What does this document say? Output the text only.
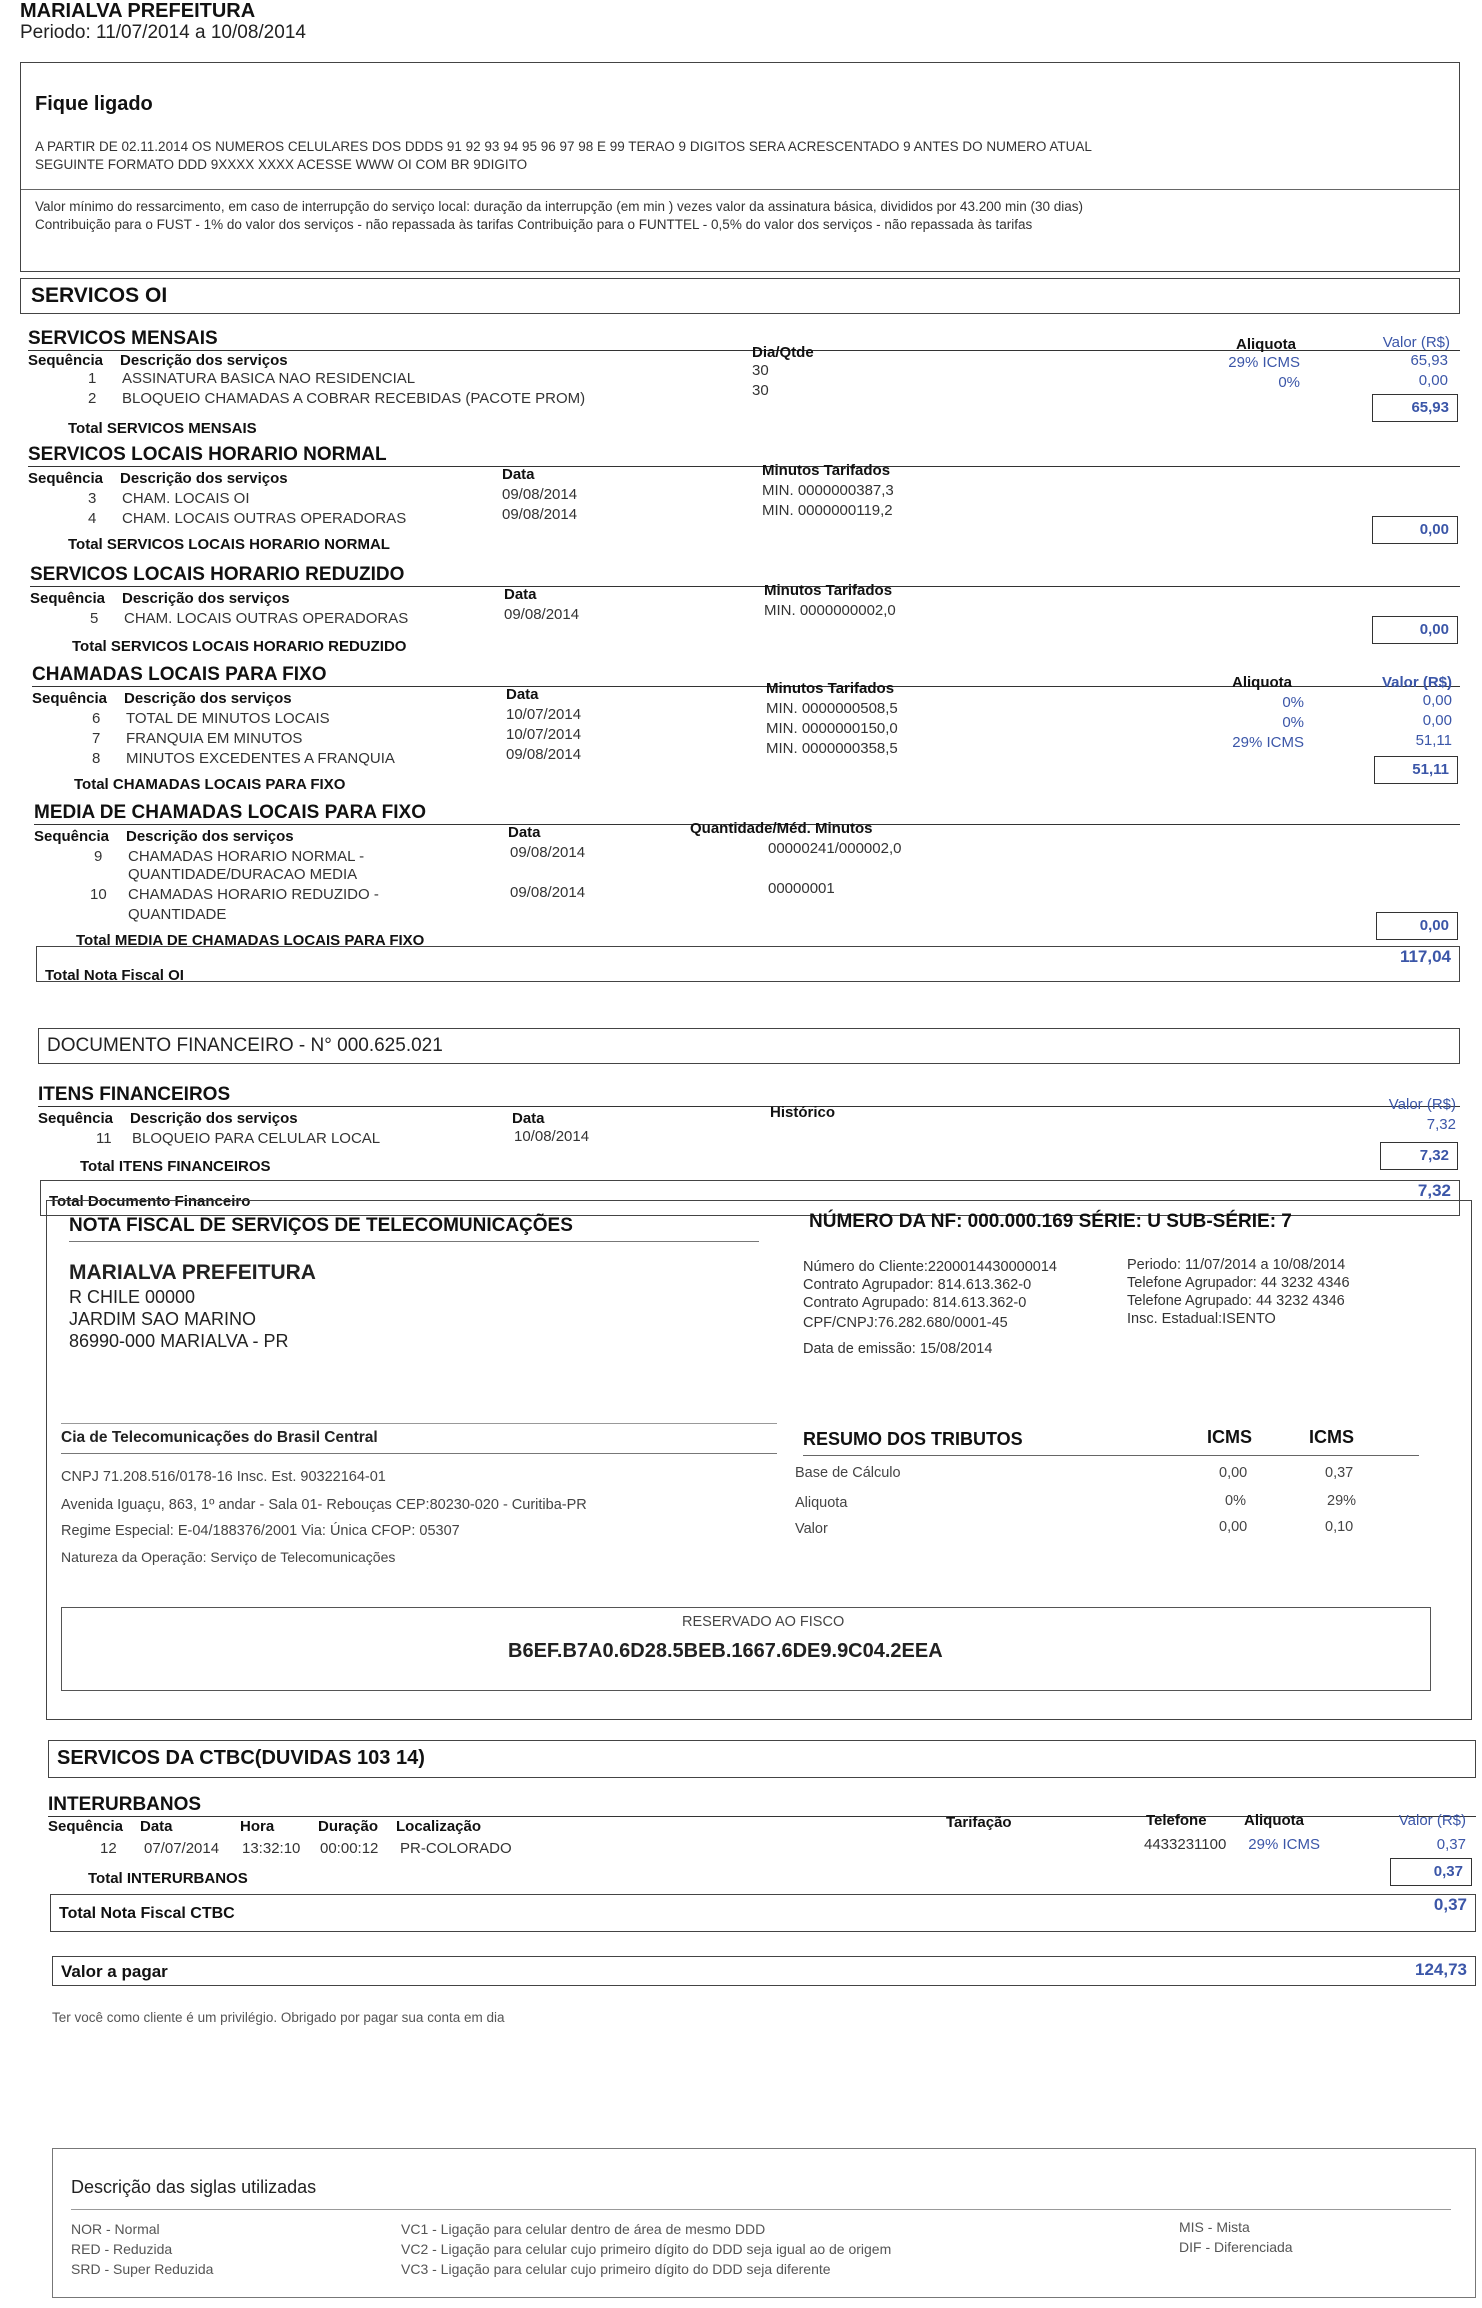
MARIALVA PREFEITURA
Periodo: 11/07/2014 a 10/08/2014
Fique ligado
A PARTIR DE 02.11.2014 OS NUMEROS CELULARES DOS DDDS 91 92 93 94 95 96 97 98 E 99 TERAO 9 DIGITOS SERA ACRESCENTADO 9 ANTES DO NUMERO ATUAL
SEGUINTE FORMATO DDD 9XXXX XXXX ACESSE WWW OI COM BR 9DIGITO
Valor mínimo do ressarcimento, em caso de interrupção do serviço local: duração da interrupção (em min ) vezes valor da assinatura básica, divididos por 43.200 min (30 dias)
Contribuição para o FUST - 1% do valor dos serviços - não repassada às tarifas Contribuição para o FUNTTEL - 0,5% do valor dos serviços - não repassada às tarifas
SERVICOS OI
SERVICOS MENSAIS
Sequência Descrição dos serviços	Dia/Qtde	Aliquota	Valor (R$)
1 ASSINATURA BASICA NAO RESIDENCIAL	30	29% ICMS	65,93
2 BLOQUEIO CHAMADAS A COBRAR RECEBIDAS (PACOTE PROM)	30	0%	0,00
Total SERVICOS MENSAIS
65,93
SERVICOS LOCAIS HORARIO NORMAL
Sequência Descrição dos serviços	Data	Minutos Tarifados
3 CHAM. LOCAIS OI	09/08/2014	MIN. 0000000387,3
4 CHAM. LOCAIS OUTRAS OPERADORAS	09/08/2014	MIN. 0000000119,2
Total SERVICOS LOCAIS HORARIO NORMAL
0,00
SERVICOS LOCAIS HORARIO REDUZIDO
Sequência Descrição dos serviços	Data	Minutos Tarifados
5 CHAM. LOCAIS OUTRAS OPERADORAS	09/08/2014	MIN. 0000000002,0
Total SERVICOS LOCAIS HORARIO REDUZIDO
0,00
CHAMADAS LOCAIS PARA FIXO
Sequência Descrição dos serviços	Data	Minutos Tarifados	Aliquota	Valor (R$)
6 TOTAL DE MINUTOS LOCAIS	10/07/2014	MIN. 0000000508,5	0%	0,00
7 FRANQUIA EM MINUTOS	10/07/2014	MIN. 0000000150,0	0%	0,00
8 MINUTOS EXCEDENTES A FRANQUIA	09/08/2014	MIN. 0000000358,5	29% ICMS	51,11
Total CHAMADAS LOCAIS PARA FIXO
51,11
MEDIA DE CHAMADAS LOCAIS PARA FIXO
Sequência Descrição dos serviços	Data	Quantidade/Méd. Minutos
9 CHAMADAS HORARIO NORMAL -
QUANTIDADE/DURACAO MEDIA
09/08/2014	00000241/000002,0
10 CHAMADAS HORARIO REDUZIDO -
QUANTIDADE
09/08/2014	00000001
Total MEDIA DE CHAMADAS LOCAIS PARA FIXO
0,00
Total Nota Fiscal OI
117,04
DOCUMENTO FINANCEIRO - N° 000.625.021
ITENS FINANCEIROS
Sequência Descrição dos serviços	Data	Histórico	Valor (R$)
11 BLOQUEIO PARA CELULAR LOCAL	10/08/2014
7,32
Total ITENS FINANCEIROS
7,32
Total Documento Financeiro
7,32
NOTA FISCAL DE SERVIÇOS DE TELECOMUNICAÇÕES	NÚMERO DA NF: 000.000.169 SÉRIE: U SUB-SÉRIE: 7
MARIALVA PREFEITURA
R CHILE 00000
JARDIM SAO MARINO
86990-000 MARIALVA - PR
Número do Cliente:2200014430000014
Contrato Agrupador: 814.613.362-0
Contrato Agrupado: 814.613.362-0
CPF/CNPJ:76.282.680/0001-45
Data de emissão: 15/08/2014
Periodo: 11/07/2014 a 10/08/2014
Telefone Agrupador: 44 3232 4346
Telefone Agrupado: 44 3232 4346
Insc. Estadual:ISENTO
Cia de Telecomunicações do Brasil Central
CNPJ 71.208.516/0178-16 Insc. Est. 90322164-01
Avenida Iguaçu, 863, 1º andar - Sala 01- Rebouças CEP:80230-020 - Curitiba-PR
Regime Especial: E-04/188376/2001 Via: Única CFOP: 05307
Natureza da Operação: Serviço de Telecomunicações
RESUMO DOS TRIBUTOS	ICMS	ICMS
Base de Cálculo	0,00	0,37
Aliquota	0%	29%
Valor	0,00	0,10
RESERVADO AO FISCO
B6EF.B7A0.6D28.5BEB.1667.6DE9.9C04.2EEA
SERVICOS DA CTBC(DUVIDAS 103 14)
INTERURBANOS
Sequência Data	Hora	Duração Localização	Tarifação	Telefone Aliquota	Valor (R$)
12 07/07/2014 13:32:10 00:00:12 PR-COLORADO	4433231100	29% ICMS	0,37
Total INTERURBANOS	0,37
Total Nota Fiscal CTBC	0,37
Valor a pagar	124,73
Ter você como cliente é um privilégio. Obrigado por pagar sua conta em dia
Descrição das siglas utilizadas
NOR - Normal
RED - Reduzida
SRD - Super Reduzida
VC1 - Ligação para celular dentro de área de mesmo DDD
VC2 - Ligação para celular cujo primeiro dígito do DDD seja igual ao de origem
VC3 - Ligação para celular cujo primeiro dígito do DDD seja diferente
MIS - Mista
DIF - Diferenciada
